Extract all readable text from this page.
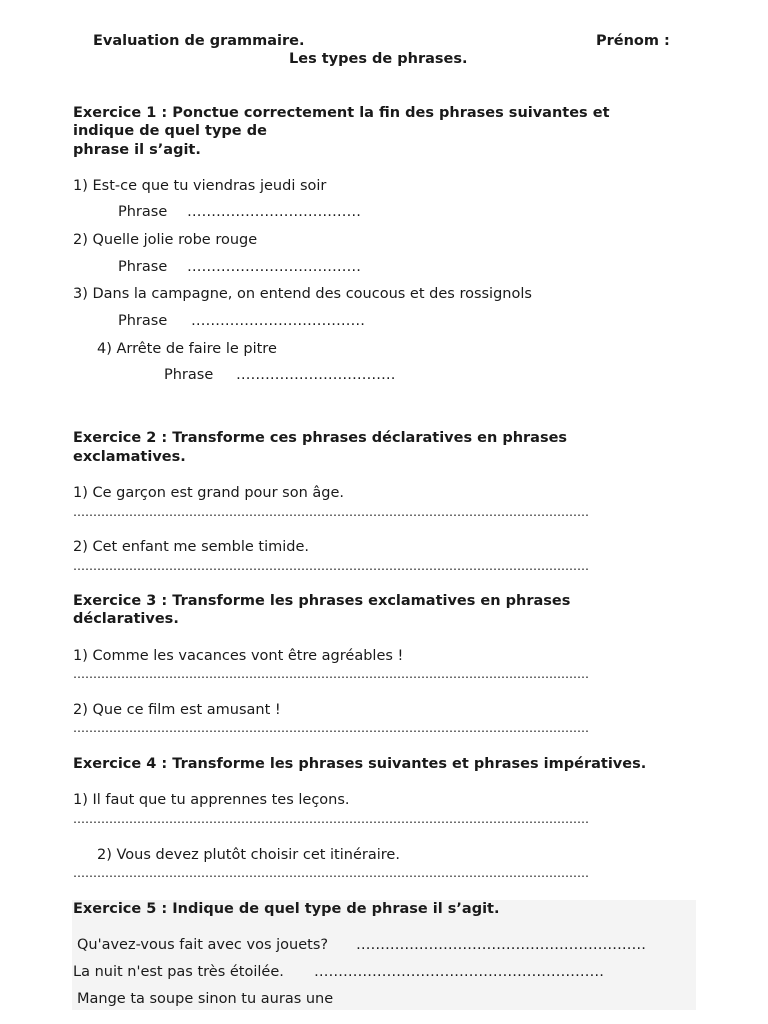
Evaluation de grammaire.	Prénom :
Les types de phrases.
Exercice 1 : Ponctue correctement la fin des phrases suivantes et
indique de quel type de
phrase il s’agit.
1) Est-ce que tu viendras jeudi soir
Phrase ………………………………
2) Quelle jolie robe rouge
Phrase ………………………………
3) Dans la campagne, on entend des coucous et des rossignols
Phrase ………………………………
4) Arrête de faire le pitre
Phrase ……………………………
Exercice 2 : Transforme ces phrases déclaratives en phrases
exclamatives.
1) Ce garçon est grand pour son âge.
…………………………………………………………………………………………………………………
2) Cet enfant me semble timide.
…………………………………………………………………………………………………………………
Exercice 3 : Transforme les phrases exclamatives en phrases
déclaratives.
1) Comme les vacances vont être agréables !
…………………………………………………………………………………………………………………
2) Que ce film est amusant !
…………………………………………………………………………………………………………………
Exercice 4 : Transforme les phrases suivantes et phrases impératives.
1) Il faut que tu apprennes tes leçons.
…………………………………………………………………………………………………………………
2) Vous devez plutôt choisir cet itinéraire.
…………………………………………………………………………………………………………………
Exercice 5 : Indique de quel type de phrase il s’agit.
Qu'avez-vous fait avec vos jouets? ……………………………………………………
La nuit n'est pas très étoilée. ……………………………………………………
Mange ta soupe sinon tu auras une
